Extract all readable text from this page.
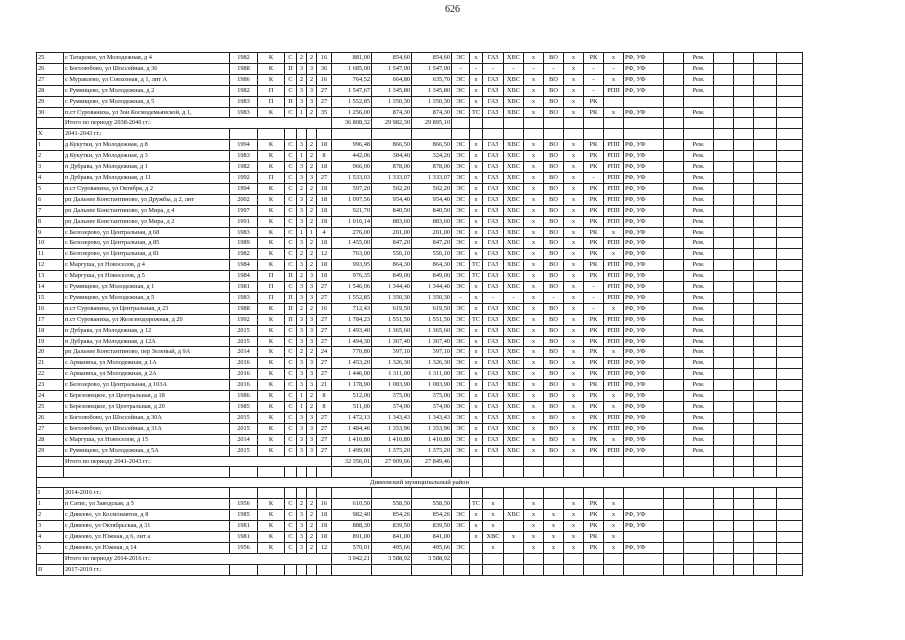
626
25	с Татарское, ул Молодежная, д 4	1982	К	С	2	2	16	881,00	854,60	854,60	ЭС	х	ГАЗ	ХВС	х	ВО	х	РК	х	РФ, УФ		Рем.				
26	с Боголюбово, ул Шоссейная, д 36	1988	К	П	3	3	36	1 685,00	1 547,00	1 547,00	-	-	-	-	-	-	х	-	-	РФ, УФ		Рем.				
27	с Муравлево, ул Совхозная, д 1, лит А	1986	К	С	2	2	16	764,52	664,80	635,70	ЭС	х	ГАЗ	ХВС	х	ВО	х	-	х	РФ, УФ		Рем.				
28	с Румянцево, ул Молодежная, д 2	1982	П	С	3	3	27	1 547,67	1 345,80	1 345,80	ЭС	х	ГАЗ	ХВС	х	ВО	х	-	РПП	РФ, УФ		Рем.				
29	с Румянцево, ул Молодежная, д 5	1983	П	П	3	3	27	1 552,85	1 350,30	1 350,30	ЭС	х	ГАЗ	ХВС	х	ВО	х	РК								
30	п.ст Сурованиха, ул Зои Космодемьянской, д 1,	1983	К	С	1	2	35	1 256,00	874,30	874,30	ЭС	ТС	ГАЗ	ХВС	х	ВО	х	РК	х	РФ, УФ		Рем.				
	Итого по периоду 2038-2040 гг.:							36 808,32	29 982,30	29 895,10																
X	2041-2043 гг.:																									
1	д Кукутки, ул Молодежная, д 8	1994	К	С	3	2	18	996,48	866,50	866,50	ЭС	х	ГАЗ	ХВС	х	ВО	х	РК	РПП	РФ, УФ		Рем.				
2	д Кукутки, ул Молодежная, д 3	1983	К	С	1	2	8	442,06	384,40	324,20	ЭС	х	ГАЗ	ХВС	х	ВО	х	РК	РПП	РФ, УФ		Рем.				
3	п Дубрава, ул Молодежная, д 1	1982	К	С	3	2	18	966,00	878,00	878,00	ЭС	х	ГАЗ	ХВС	х	ВО	х	РК	РПП	РФ, УФ		Рем.				
4	п Дубрава, ул Молодежная, д 11	1992	П	С	3	3	27	1 533,03	1 333,07	1 333,07	ЭС	х	ГАЗ	ХВС	х	ВО	х	-	РПП	РФ, УФ		Рем.				
5	п.ст Сурованиха, ул Октября, д 2	1994	К	С	2	2	18	597,20	502,20	502,20	ЭС	х	ГАЗ	ХВС	х	ВО	х	РК	РПП	РФ, УФ		Рем.				
6	рп Дальнее Константиново, ул Дружбы, д 2, лит	2002	К	С	3	2	18	1 097,56	954,40	954,40	ЭС	х	ГАЗ	ХВС	х	ВО	х	РК	РПП	РФ, УФ		Рем.				
7	рп Дальнее Константиново, ул Мира, д 4	1997	К	С	3	2	18	921,70	840,50	840,50	ЭС	х	ГАЗ	ХВС	х	ВО	х	РК	РПП	РФ, УФ		Рем.				
8	рп Дальнее Константиново, ул Мира, д 2	1991	К	С	3	2	18	1 016,14	883,60	883,60	ЭС	х	ГАЗ	ХВС	х	ВО	х	РК	РПП	РФ, УФ		Рем.				
9	с Белозерово, ул Центральная, д 68	1983	К	С	1	1	4	276,00	201,00	201,00	ЭС	х	ГАЗ	ХВС	х	ВО	х	РК	х	РФ, УФ		Рем.				
10	с Белозерово, ул Центральная, д 85	1989	К	С	3	2	18	1 455,00	847,20	847,20	ЭС	х	ГАЗ	ХВС	х	ВО	х	РК	РПП	РФ, УФ		Рем.				
11	с Белозерово, ул Центральная, д 81	1982	К	С	2	2	12	763,00	556,10	556,10	ЭС	х	ГАЗ	ХВС	х	ВО	х	РК	х	РФ, УФ		Рем.				
12	с Маргуша, ул Новоселов, д 4	1984	К	С	3	2	18	993,95	864,30	864,30	ЭС	ТС	ГАЗ	ХВС	х	ВО	х	РК	РПП	РФ, УФ		Рем.				
13	с Маргуша, ул Новоселов, д 5	1984	П	П	2	3	18	976,35	849,00	849,00	ЭС	ТС	ГАЗ	ХВС	х	ВО	х	РК	РПП	РФ, УФ		Рем.				
14	с Румянцево, ул Молодежная, д 1	1981	П	С	3	3	27	1 546,06	1 344,40	1 344,40	ЭС	х	ГАЗ	ХВС	х	ВО	х	-	РПП	РФ, УФ		Рем.				
15	с Румянцево, ул Молодежная, д 5	1983	П	П	3	3	27	1 552,85	1 350,30	1 350,30	-	х	-	-	х	-	х	-	РПП	РФ, УФ		Рем.				
16	п.ст Сурованиха, ул Центральная, д 23	1988	К	П	2	2	16	712,43	619,50	619,50	ЭС	х	ГАЗ	ХВС	х	ВО	х	-	х	РФ, УФ		Рем.				
17	п.ст Сурованиха, ул Железнодорожная, д 20	1992	К	П	3	3	27	1 784,23	1 551,50	1 551,50	ЭС	ТС	ГАЗ	ХВС	х	ВО	х	РК	РПП	РФ, УФ		Рем.				
18	п Дубрава, ул Молодежная, д 12	2015	К	С	3	3	27	1 493,40	1 365,60	1 365,60	ЭС	х	ГАЗ	ХВС	х	ВО	х	РК	РПП	РФ, УФ		Рем.				
19	п Дубрава, ул Молодежная, д 12А	2015	К	С	3	3	27	1 494,30	1 367,40	1 367,40	ЭС	х	ГАЗ	ХВС	х	ВО	х	РК	РПП	РФ, УФ		Рем.				
20	рп Дальнее Константиново, пер Зеленый, д 9А	2014	К	С	2	2	24	770,80	397,10	397,10	ЭС	х	ГАЗ	ХВС	х	ВО	х	РК	х	РФ, УФ		Рем.				
21	с Арманиха, ул Молодежная, д 1А	2016	К	С	3	3	27	1 453,20	1 326,30	1 326,30	ЭС	х	ГАЗ	ХВС	х	ВО	х	РК	РПП	РФ, УФ		Рем.				
22	с Арманиха, ул Молодежная, д 2А	2016	К	С	3	3	27	1 446,00	1 311,00	1 311,00	ЭС	х	ГАЗ	ХВС	х	ВО	х	РК	РПП	РФ, УФ		Рем.				
23	с Белозерово, ул Центральная, д 103А	2016	К	С	3	3	21	1 178,90	1 083,90	1 083,90	ЭС	х	ГАЗ	ХВС	х	ВО	х	РК	РПП	РФ, УФ		Рем.				
24	с Березовецкое, ул Центральная, д 18	1986	К	С	1	2	8	512,00	375,00	375,00	ЭС	х	ГАЗ	ХВС	х	ВО	х	РК	х	РФ, УФ		Рем.				
25	с Березовецкое, ул Центральная, д 20	1985	К	С	1	2	8	511,00	374,00	374,00	ЭС	х	ГАЗ	ХВС	х	ВО	х	РК	х	РФ, УФ		Рем.				
26	с Боголюбово, ул Шоссейная, д 30А	2015	К	С	3	3	27	1 472,13	1 343,43	1 343,43	ЭС	х	ГАЗ	ХВС	х	ВО	х	РК	РПП	РФ, УФ		Рем.				
27	с Боголюбово, ул Шоссейная, д 31А	2015	К	С	3	3	27	1 484,46	1 353,96	1 353,96	ЭС	х	ГАЗ	ХВС	х	ВО	х	РК	РПП	РФ, УФ		Рем.				
28	с Маргуша, ул Новоселов, д 15	2014	К	С	3	3	27	1 410,80	1 410,80	1 410,80	ЭС	х	ГАЗ	ХВС	х	ВО	х	РК	х	РФ, УФ		Рем.				
29	с Румянцево, ул Молодежная, д 5А	2015	К	С	3	3	27	1 499,00	1 375,20	1 375,20	ЭС	х	ГАЗ	ХВС	х	ВО	х	РК	РПП	РФ, УФ		Рем.				
	Итого по периоду 2041-2043 гг.:							32 356,01	27 909,66	27 849,46																

Дивеевский муниципальный район																										
I	2014-2016 гг.:																									
1	п Сатис, ул Заводская, д 5	1956	К	С	2	2	16	610,50	558,50	558,50		ТС	х		х		х	РК	х							
2	с Дивеево, ул Космонавтов, д 8	1985	К	С	3	2	18	982,40	854,26	854,26	ЭС	х	х	ХВС	х	х	х	РК	х	РФ, УФ						
3	с Дивеево, ул Октябрьская, д 31	1981	К	С	3	2	18	888,30	839,50	839,50	ЭС	х	х		х	х	х	РК	х	РФ, УФ						
4	с Дивеево, ул Южная, д 6, лит а	1981	К	С	3	2	18	891,00	841,00	841,00		х	ХВС	х	х	х	х	РК	х							
5	с Дивеево, ул Южная, д 14	1956	К	С	3	2	12	570,01	495,66	495,66	ЭС		х		х	х	х	РК	х	РФ, УФ						
	Итого по периоду 2014-2016 гг.:							3 942,21	3 588,92	3 588,92																
II	2017-2019 гг.:																									
